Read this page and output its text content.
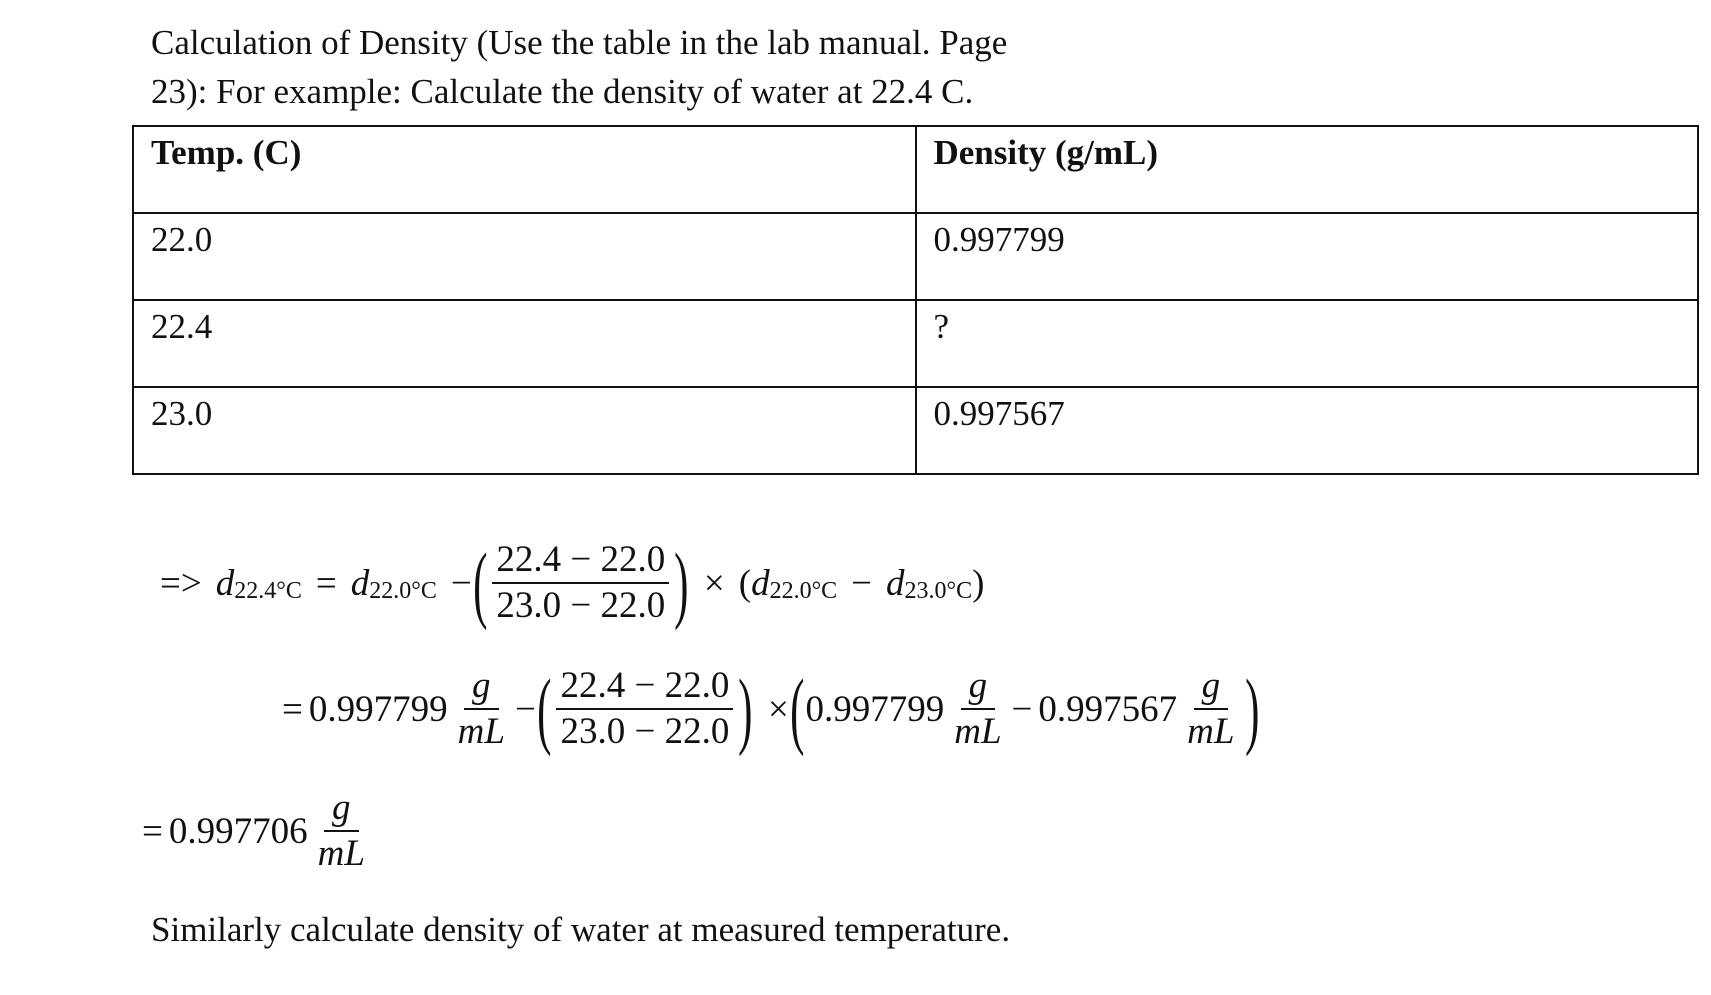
Calculation of Density (Use the table in the lab manual. Page
23): For example: Calculate the density of water at 22.4 C.
Temp. (C)	Density (g/mL)
22.0	0.997799
22.4	?
23.0	0.997567
=> d 22.4°C = d 22.0°C − ( $\frac{22.4 - 22.0}{23.0 - 22.0}$ ) × ( d 22.0°C − d 23.0°C )
= $0.997799 \frac{g}{mL}$ − ( $\frac{22.4 - 22.0}{23.0 - 22.0}$ ) × ( $0.997799 \frac{g}{mL} - 0.997567 \frac{g}{mL}$ )
= $0.997706 \frac{g}{mL}$
Similarly calculate density of water at measured temperature.
